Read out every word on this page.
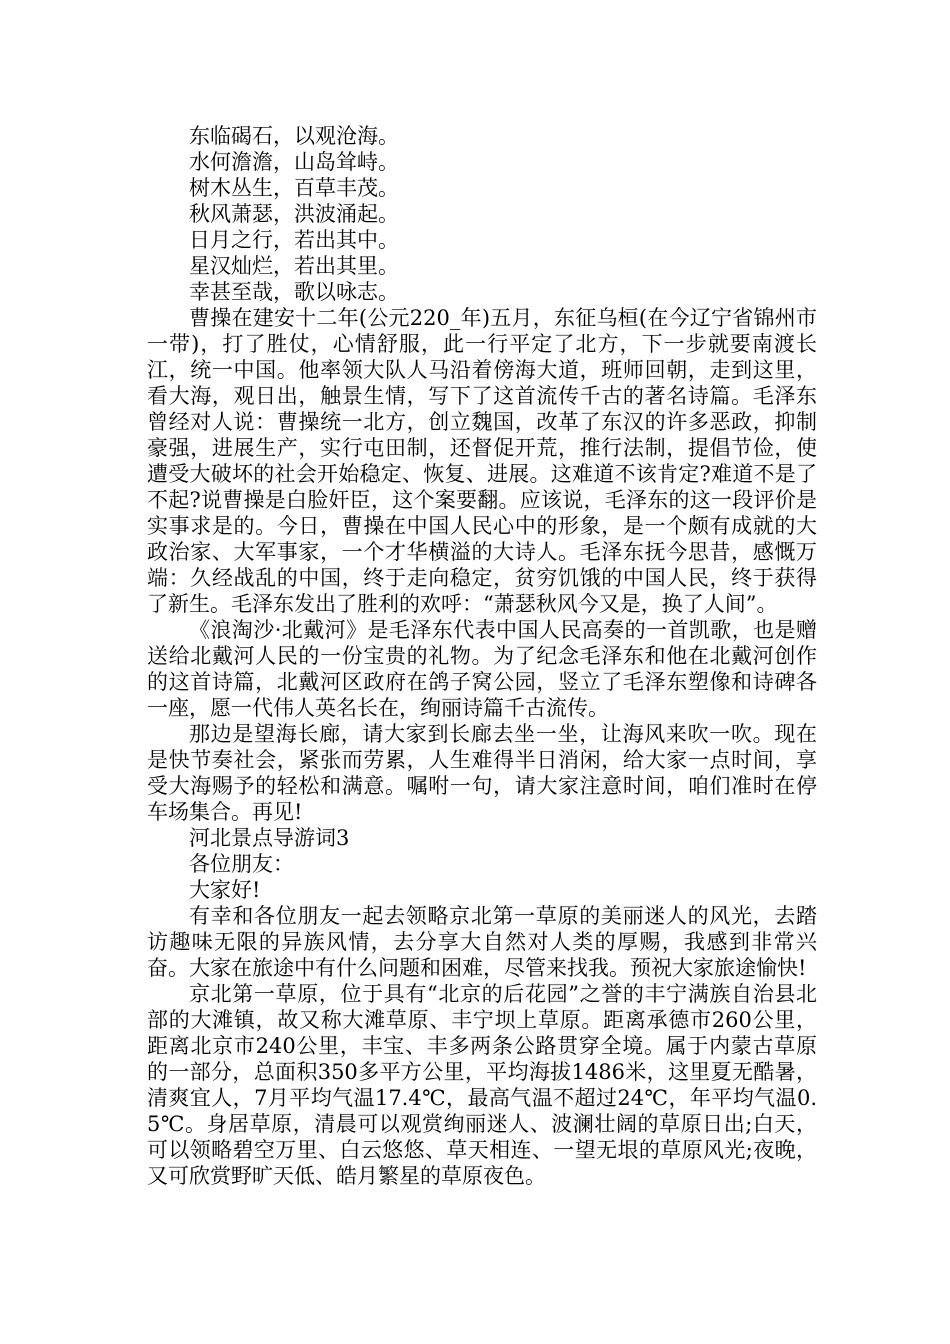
东临碣石，以观沧海。

水何澹澹，山岛耸峙。

树木丛生，百草丰茂。

秋风萧瑟，洪波涌起。

日月之行，若出其中。

星汉灿烂，若出其里。

幸甚至哉，歌以咏志。

曹操在建安十二年(公元220_年)五月，东征乌桓(在今辽宁省锦州市一带)，打了胜仗，心情舒服，此一行平定了北方，下一步就要南渡长江，统一中国。他率领大队人马沿着傍海大道，班师回朝，走到这里，看大海，观日出，触景生情，写下了这首流传千古的著名诗篇。毛泽东曾经对人说：曹操统一北方，创立魏国，改革了东汉的许多恶政，抑制豪强，进展生产，实行屯田制，还督促开荒，推行法制，提倡节俭，使遭受大破坏的社会开始稳定、恢复、进展。这难道不该肯定?难道不是了不起?说曹操是白脸奸臣，这个案要翻。应该说，毛泽东的这一段评价是实事求是的。今日，曹操在中国人民心中的形象，是一个颇有成就的大政治家、大军事家，一个才华横溢的大诗人。毛泽东抚今思昔，感慨万端：久经战乱的中国，终于走向稳定，贫穷饥饿的中国人民，终于获得了新生。毛泽东发出了胜利的欢呼：“萧瑟秋风今又是，换了人间”。

《浪淘沙·北戴河》是毛泽东代表中国人民高奏的一首凯歌，也是赠送给北戴河人民的一份宝贵的礼物。为了纪念毛泽东和他在北戴河创作的这首诗篇，北戴河区政府在鸽子窝公园，竖立了毛泽东塑像和诗碑各一座，愿一代伟人英名长在，绚丽诗篇千古流传。

那边是望海长廊，请大家到长廊去坐一坐，让海风来吹一吹。现在是快节奏社会，紧张而劳累，人生难得半日消闲，给大家一点时间，享受大海赐予的轻松和满意。嘱咐一句，请大家注意时间，咱们准时在停车场集合。再见!

河北景点导游词3

各位朋友：

大家好!

有幸和各位朋友一起去领略京北第一草原的美丽迷人的风光，去踏访趣味无限的异族风情，去分享大自然对人类的厚赐，我感到非常兴奋。大家在旅途中有什么问题和困难，尽管来找我。预祝大家旅途愉快!

京北第一草原，位于具有“北京的后花园”之誉的丰宁满族自治县北部的大滩镇，故又称大滩草原、丰宁坝上草原。距离承德市260公里，距离北京市240公里，丰宝、丰多两条公路贯穿全境。属于内蒙古草原的一部分，总面积350多平方公里，平均海拔1486米，这里夏无酷暑，清爽宜人，7月平均气温17.4℃，最高气温不超过24℃，年平均气温0.5℃。身居草原，清晨可以观赏绚丽迷人、波澜壮阔的草原日出;白天，可以领略碧空万里、白云悠悠、草天相连、一望无垠的草原风光;夜晚，又可欣赏野旷天低、皓月繁星的草原夜色。
